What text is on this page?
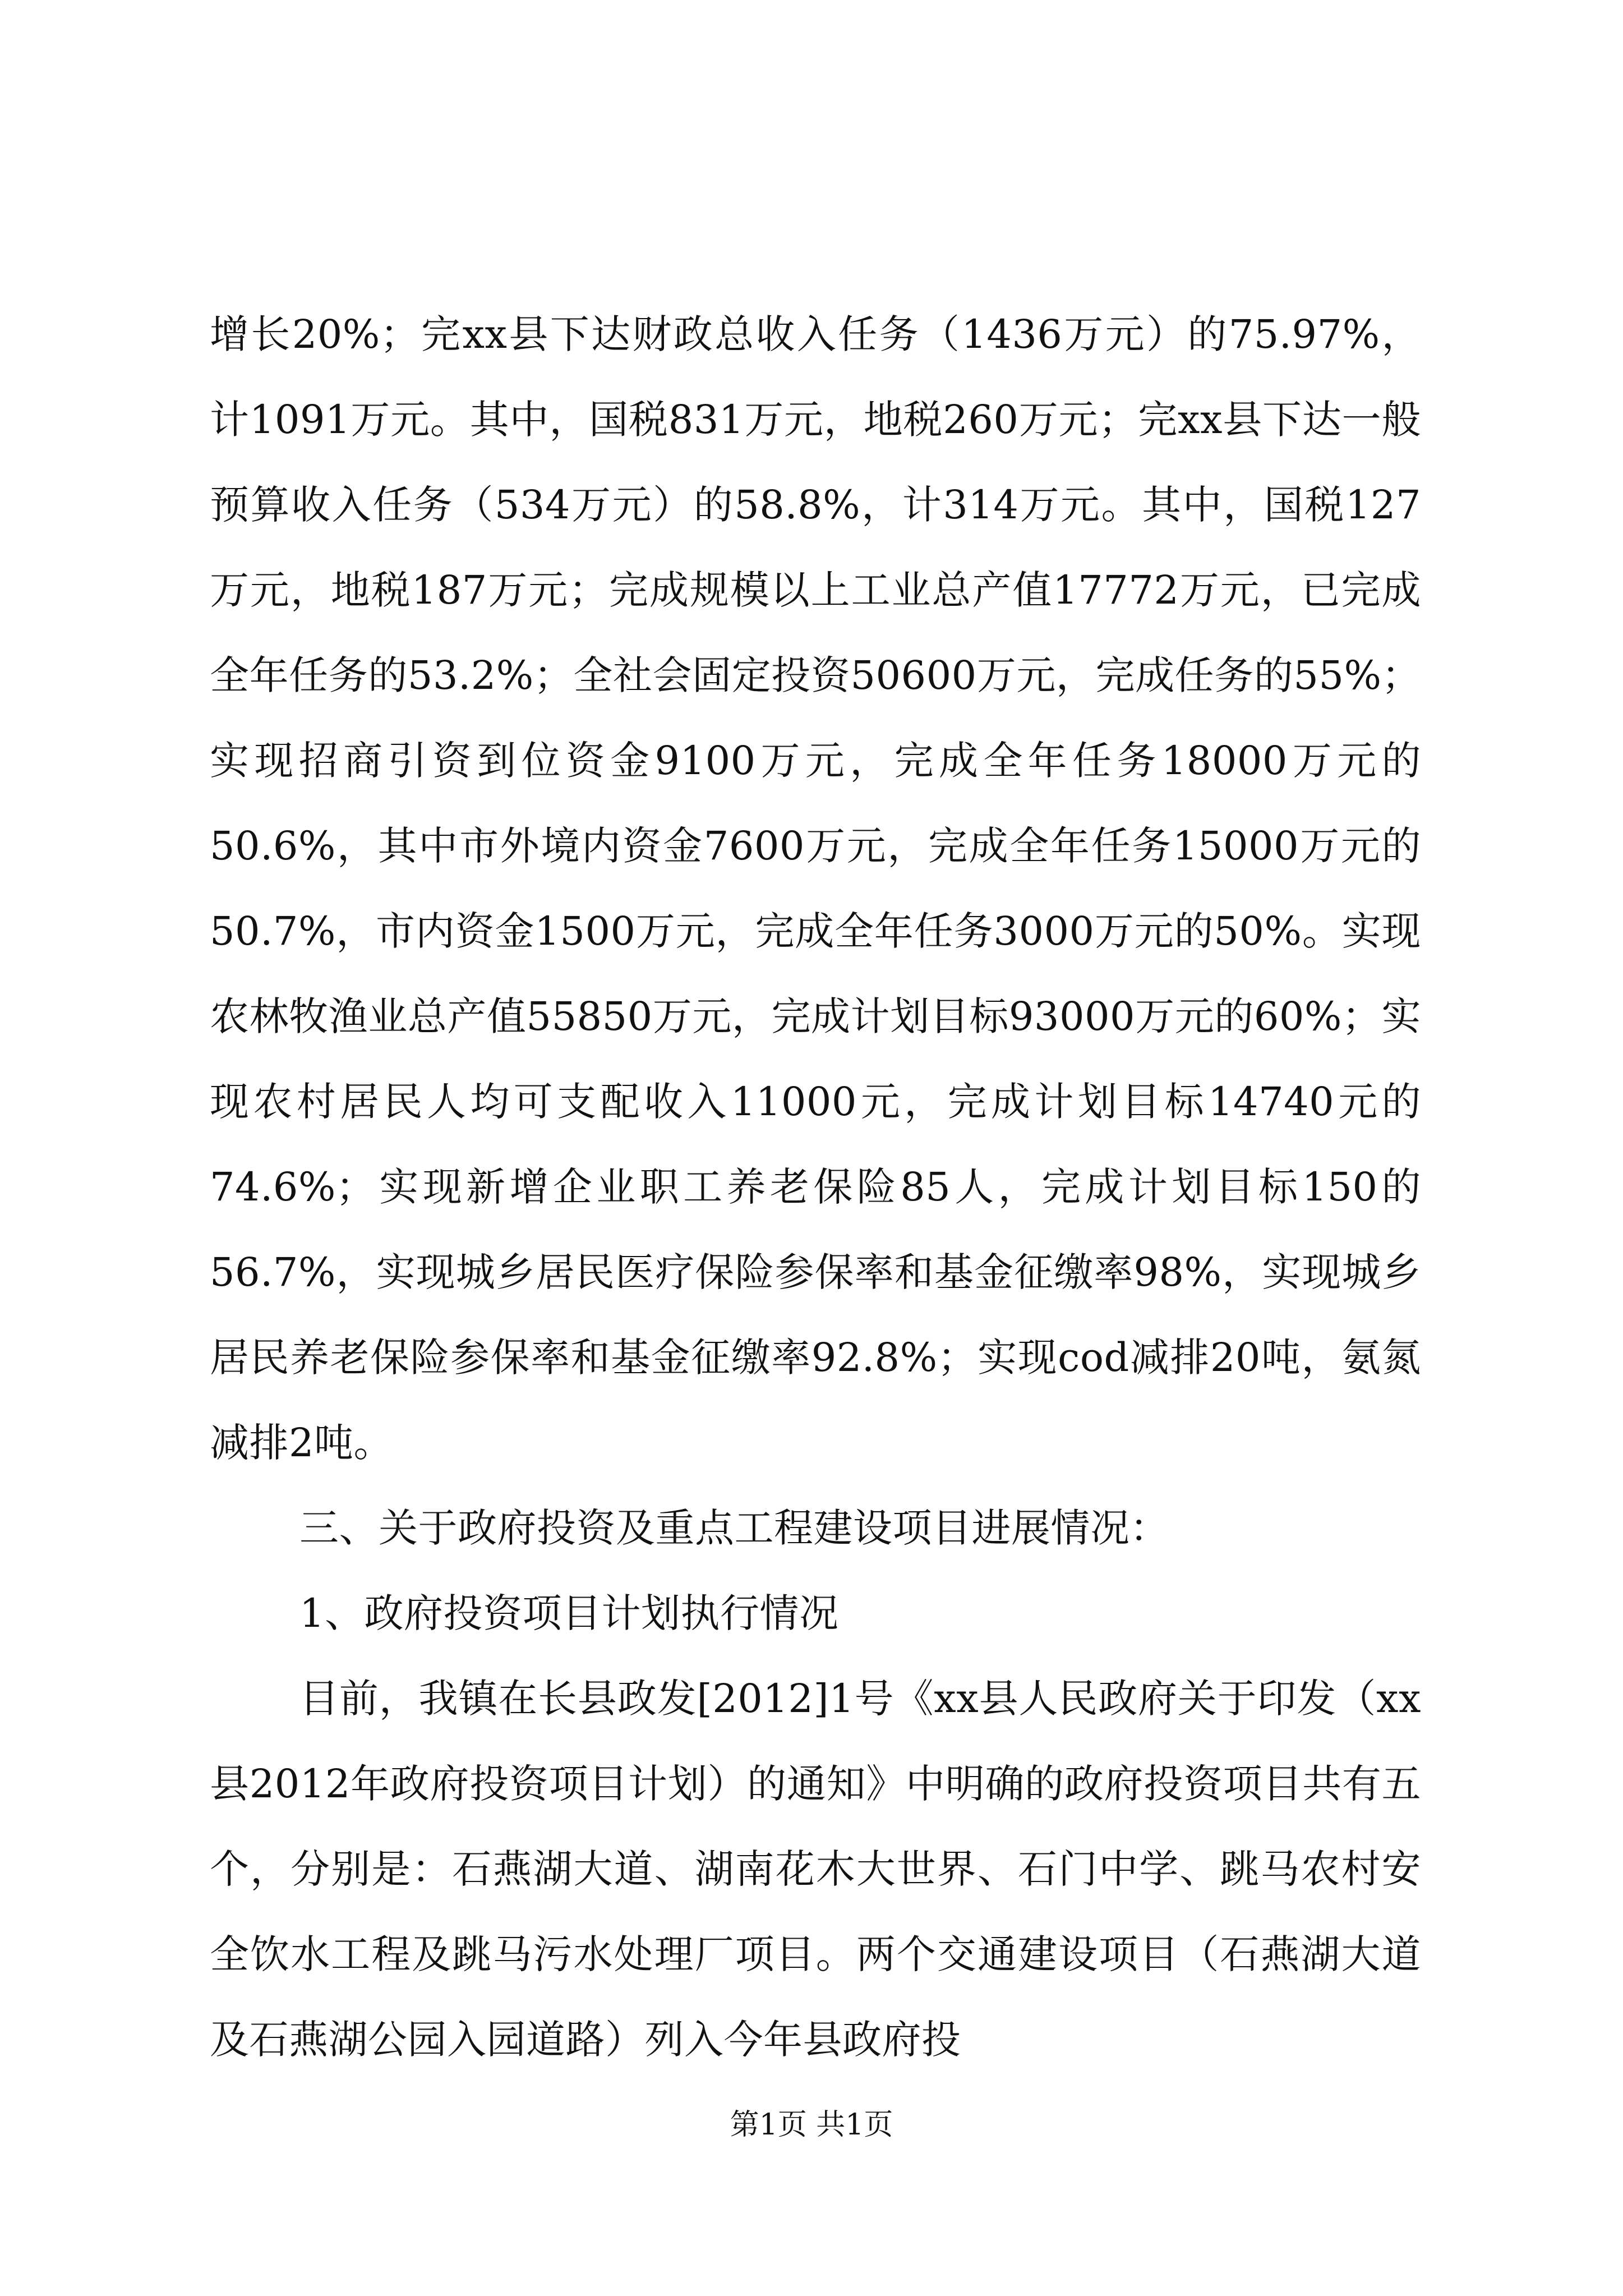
增长20%；完xx县下达财政总收入任务（1436万元）的75.97%，计1091万元。其中，国税831万元，地税260万元；完xx县下达一般预算收入任务（534万元）的58.8%，计314万元。其中，国税127万元，地税187万元；完成规模以上工业总产值17772万元，已完成全年任务的53.2%；全社会固定投资50600万元，完成任务的55%；实现招商引资到位资金9100万元，完成全年任务18000万元的50.6%，其中市外境内资金7600万元，完成全年任务15000万元的50.7%，市内资金1500万元，完成全年任务3000万元的50%。实现农林牧渔业总产值55850万元，完成计划目标93000万元的60%；实现农村居民人均可支配收入11000元，完成计划目标14740元的74.6%；实现新增企业职工养老保险85人，完成计划目标150的56.7%，实现城乡居民医疗保险参保率和基金征缴率98%，实现城乡居民养老保险参保率和基金征缴率92.8%；实现cod减排20吨，氨氮减排2吨。

三、关于政府投资及重点工程建设项目进展情况：

1、政府投资项目计划执行情况

目前，我镇在长县政发[2012]1号《xx县人民政府关于印发（xx县2012年政府投资项目计划）的通知》中明确的政府投资项目共有五个，分别是：石燕湖大道、湖南花木大世界、石门中学、跳马农村安全饮水工程及跳马污水处理厂项目。两个交通建设项目（石燕湖大道及石燕湖公园入园道路）列入今年县政府投

第1页 共1页
